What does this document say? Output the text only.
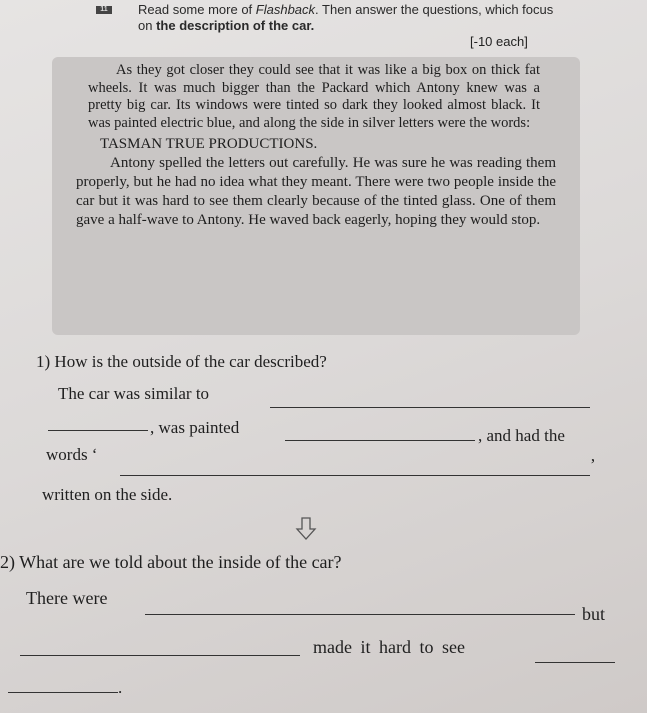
11	Read some more of Flashback. Then answer the questions, which focus on the description of the car.
[-10 each]

As they got closer they could see that it was like a big box on thick fat wheels. It was much bigger than the Packard which Antony knew was a pretty big car. Its windows were tinted so dark they looked almost black. It was painted electric blue, and along the side in silver letters were the words:

TASMAN TRUE PRODUCTIONS.

Antony spelled the letters out carefully. He was sure he was reading them properly, but he had no idea what they meant. There were two people inside the car but it was hard to see them clearly because of the tinted glass. One of them gave a half-wave to Antony. He waved back eagerly, hoping they would stop.

1) How is the outside of the car described?
The car was similar to
, was painted	, and had the
words ‘
’
written on the side.
2) What are we told about the inside of the car?
There were
but
made it hard to see
.
